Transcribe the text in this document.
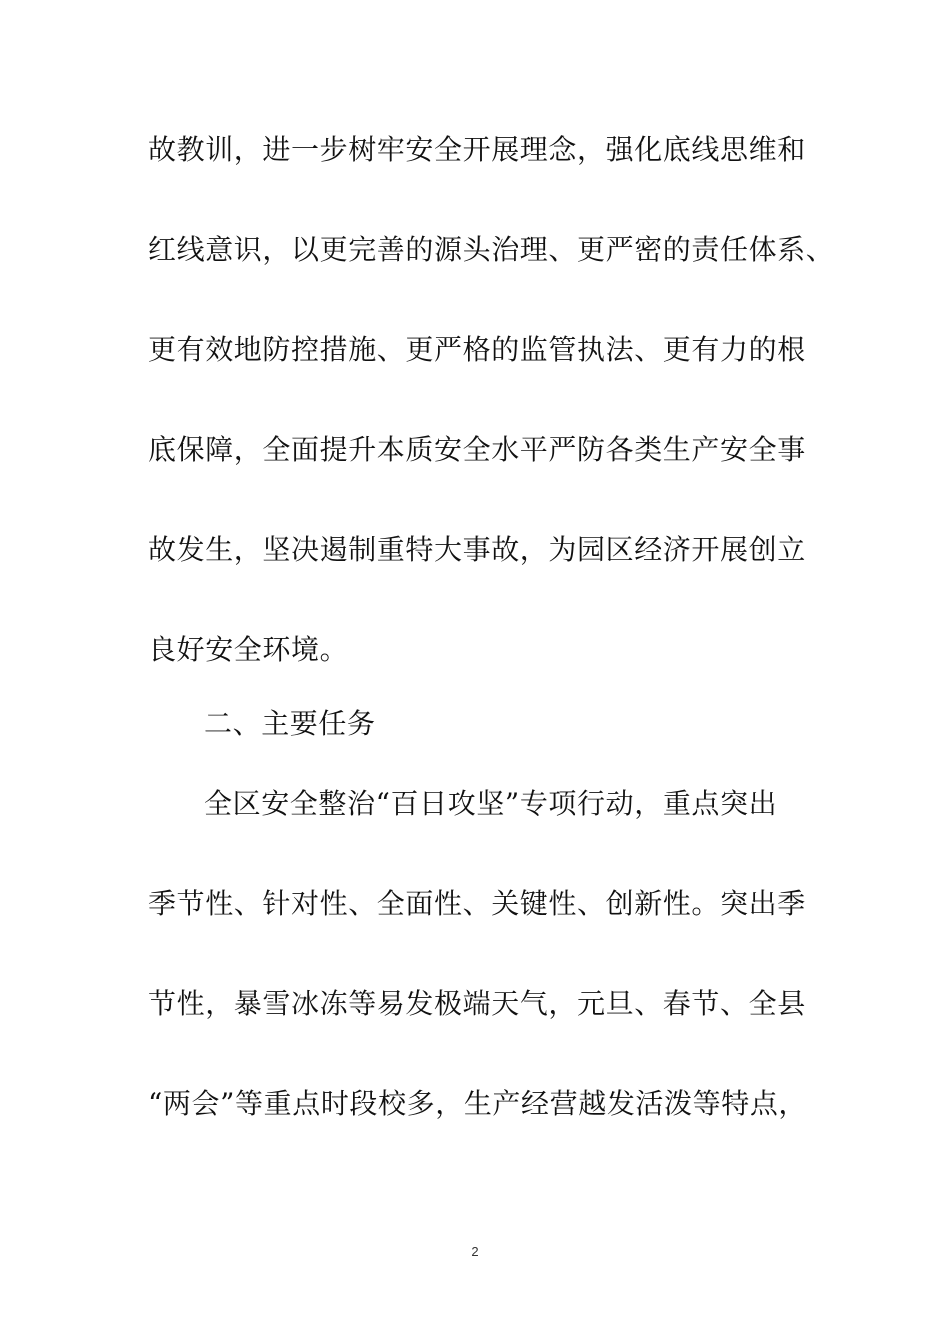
故教训，进一步树牢安全开展理念，强化底线思维和
红线意识，以更完善的源头治理、更严密的责任体系、
更有效地防控措施、更严格的监管执法、更有力的根
底保障，全面提升本质安全水平严防各类生产安全事
故发生，坚决遏制重特大事故，为园区经济开展创立
良好安全环境。
二、主要任务
全区安全整治“百日攻坚”专项行动，重点突出
季节性、针对性、全面性、关键性、创新性。突出季
节性，暴雪冰冻等易发极端天气，元旦、春节、全县
“两会”等重点时段校多，生产经营越发活泼等特点，
2
